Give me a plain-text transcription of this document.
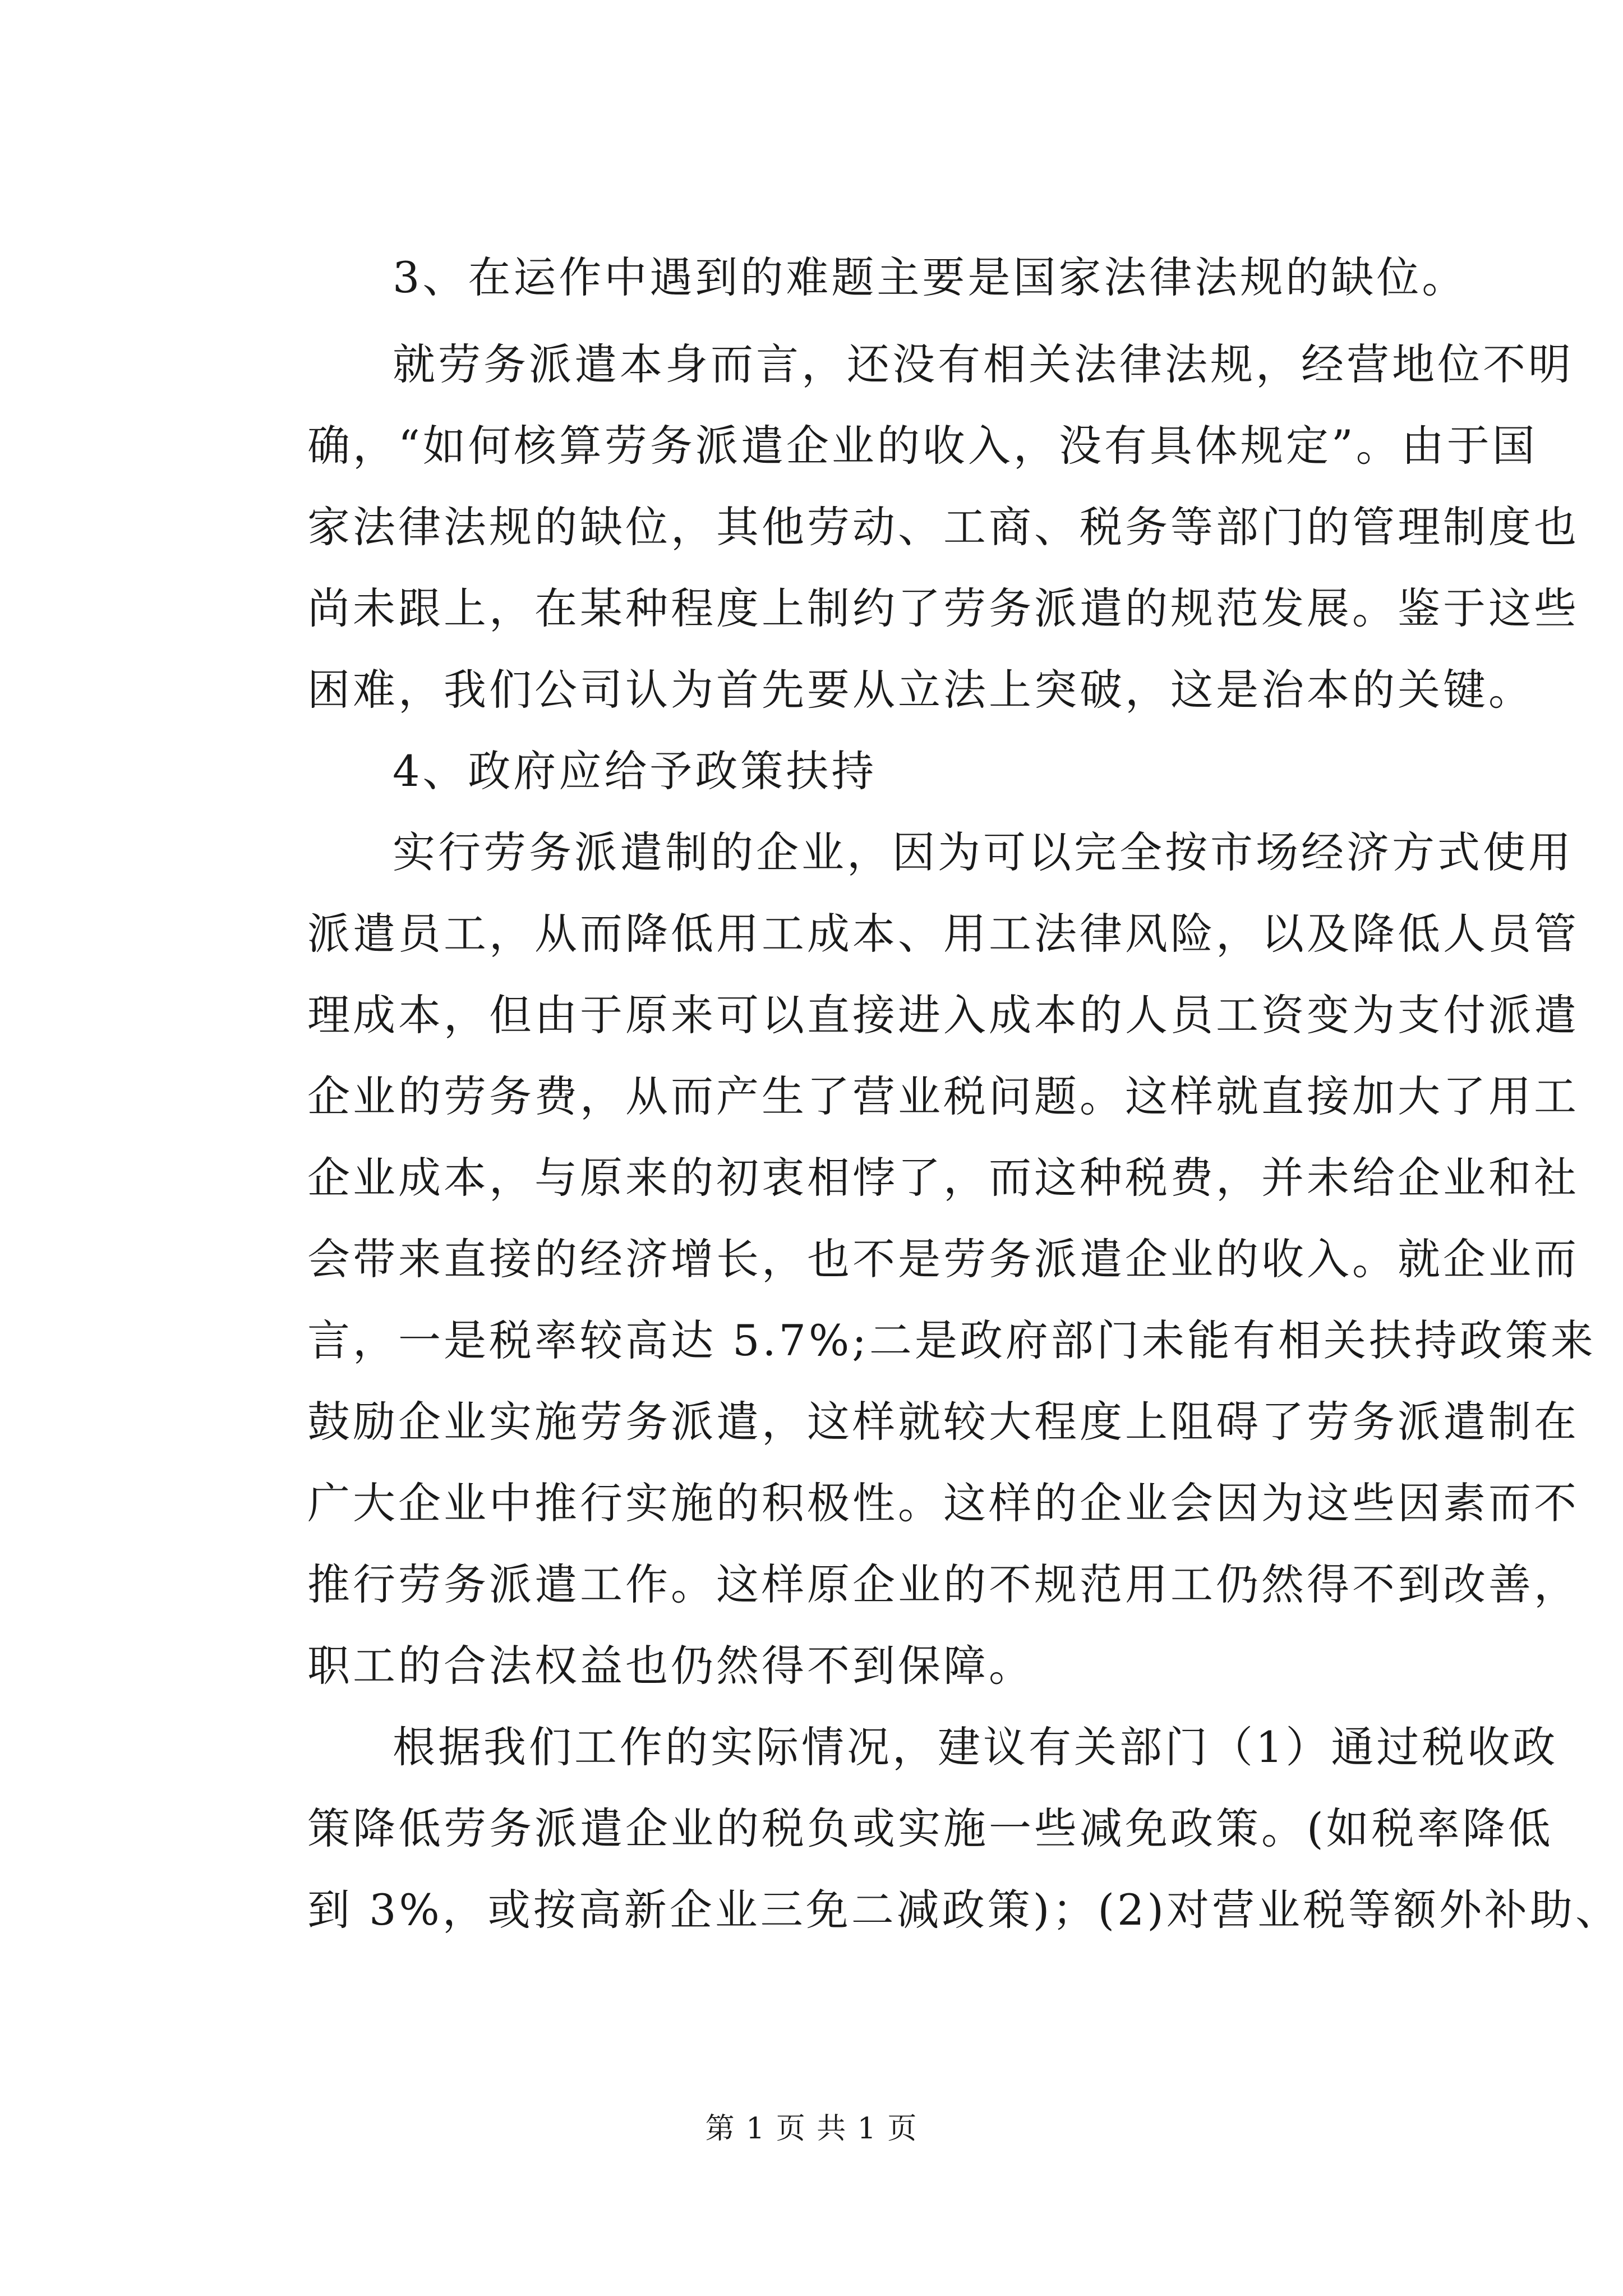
3、在运作中遇到的难题主要是国家法律法规的缺位。
就劳务派遣本身而言，还没有相关法律法规，经营地位不明
确，“如何核算劳务派遣企业的收入，没有具体规定”。由于国
家法律法规的缺位，其他劳动、工商、税务等部门的管理制度也
尚未跟上，在某种程度上制约了劳务派遣的规范发展。鉴于这些
困难，我们公司认为首先要从立法上突破，这是治本的关键。
4、政府应给予政策扶持
实行劳务派遣制的企业，因为可以完全按市场经济方式使用
派遣员工，从而降低用工成本、用工法律风险，以及降低人员管
理成本，但由于原来可以直接进入成本的人员工资变为支付派遣
企业的劳务费，从而产生了营业税问题。这样就直接加大了用工
企业成本，与原来的初衷相悖了，而这种税费，并未给企业和社
会带来直接的经济增长，也不是劳务派遣企业的收入。就企业而
言，一是税率较高达 5.7%;二是政府部门未能有相关扶持政策来
鼓励企业实施劳务派遣，这样就较大程度上阻碍了劳务派遣制在
广大企业中推行实施的积极性。这样的企业会因为这些因素而不
推行劳务派遣工作。这样原企业的不规范用工仍然得不到改善，
职工的合法权益也仍然得不到保障。
根据我们工作的实际情况，建议有关部门（1）通过税收政
策降低劳务派遣企业的税负或实施一些减免政策。(如税率降低
到 3%，或按高新企业三免二减政策)；(2)对营业税等额外补助、
第 1 页 共 1 页
